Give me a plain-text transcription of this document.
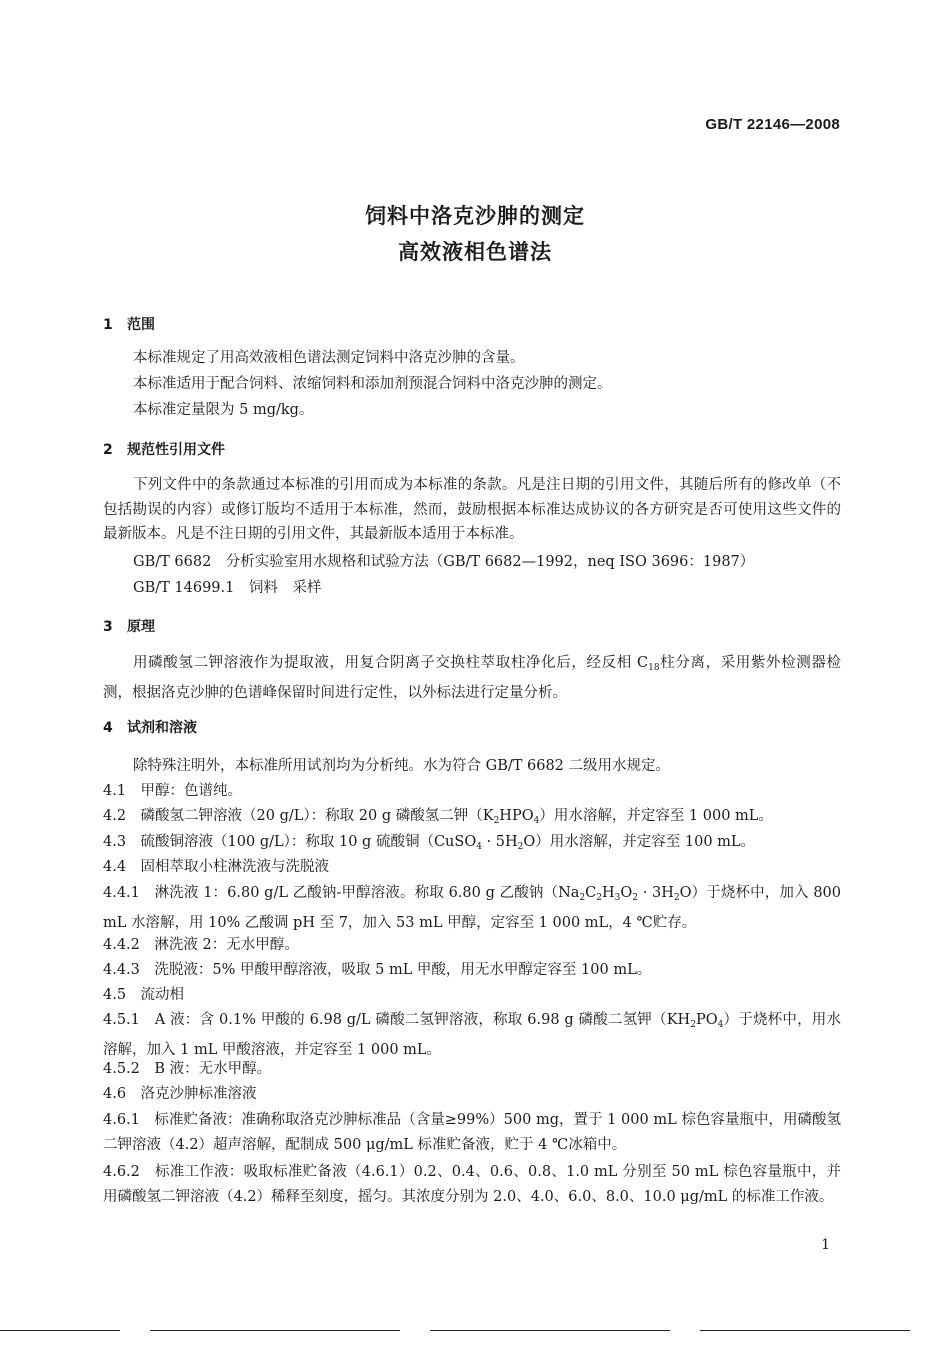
GB/T 22146—2008
饲料中洛克沙胂的测定
高效液相色谱法
1 范围
本标准规定了用高效液相色谱法测定饲料中洛克沙胂的含量。
本标准适用于配合饲料、浓缩饲料和添加剂预混合饲料中洛克沙胂的测定。
本标准定量限为 5 mg/kg。
2 规范性引用文件
下列文件中的条款通过本标准的引用而成为本标准的条款。凡是注日期的引用文件，其随后所有的修改单（不包括勘误的内容）或修订版均不适用于本标准，然而，鼓励根据本标准达成协议的各方研究是否可使用这些文件的最新版本。凡是不注日期的引用文件，其最新版本适用于本标准。
GB/T 6682　分析实验室用水规格和试验方法（GB/T 6682—1992，neq ISO 3696：1987）
GB/T 14699.1　饲料　采样
3 原理
用磷酸氢二钾溶液作为提取液，用复合阴离子交换柱萃取柱净化后，经反相 $C_{18}$柱分离，采用紫外检测器检测，根据洛克沙胂的色谱峰保留时间进行定性，以外标法进行定量分析。
4 试剂和溶液
除特殊注明外，本标准所用试剂均为分析纯。水为符合 GB/T 6682 二级用水规定。
4.1　甲醇：色谱纯。
4.2　磷酸氢二钾溶液（20 g/L）：称取 20 g 磷酸氢二钾$(K_2HPO_4)$用水溶解，并定容至 1 000 mL。
4.3　硫酸铜溶液（100 g/L）：称取 10 g 硫酸铜（CuSO$_4$ · $5H_2O$）用水溶解，并定容至 100 mL。
4.4　固相萃取小柱淋洗液与洗脱液
4.4.1　淋洗液 1：6.80 g/L 乙酸钠-甲醇溶液。称取 6.80 g 乙酸钠$(Na_2C_2H_3O_2 \cdot 3H_2O)$于烧杯中，加入 800 mL 水溶解，用 10% 乙酸调 pH 至 7，加入 53 mL 甲醇，定容至 1 000 mL，4 ℃贮存。
4.4.2　淋洗液 2：无水甲醇。
4.4.3　洗脱液：5% 甲酸甲醇溶液，吸取 5 mL 甲酸，用无水甲醇定容至 100 mL。
4.5　流动相
4.5.1　A 液：含 0.1% 甲酸的 6.98 g/L 磷酸二氢钾溶液，称取 6.98 g 磷酸二氢钾$(KH_2PO_4)$于烧杯中，用水溶解，加入 1 mL 甲酸溶液，并定容至 1 000 mL。
4.5.2　B 液：无水甲醇。
4.6　洛克沙胂标准溶液
4.6.1　标准贮备液：准确称取洛克沙胂标准品（含量≥99%）500 mg，置于 1 000 mL 棕色容量瓶中，用磷酸氢二钾溶液（4.2）超声溶解，配制成 500 μg/mL 标准贮备液，贮于 4 ℃冰箱中。
4.6.2　标准工作液：吸取标准贮备液（4.6.1）0.2、0.4、0.6、0.8、1.0 mL 分别至 50 mL 棕色容量瓶中，并用磷酸氢二钾溶液（4.2）稀释至刻度，摇匀。其浓度分别为 2.0、4.0、6.0、8.0、10.0 μg/mL 的标准工作液。
1
